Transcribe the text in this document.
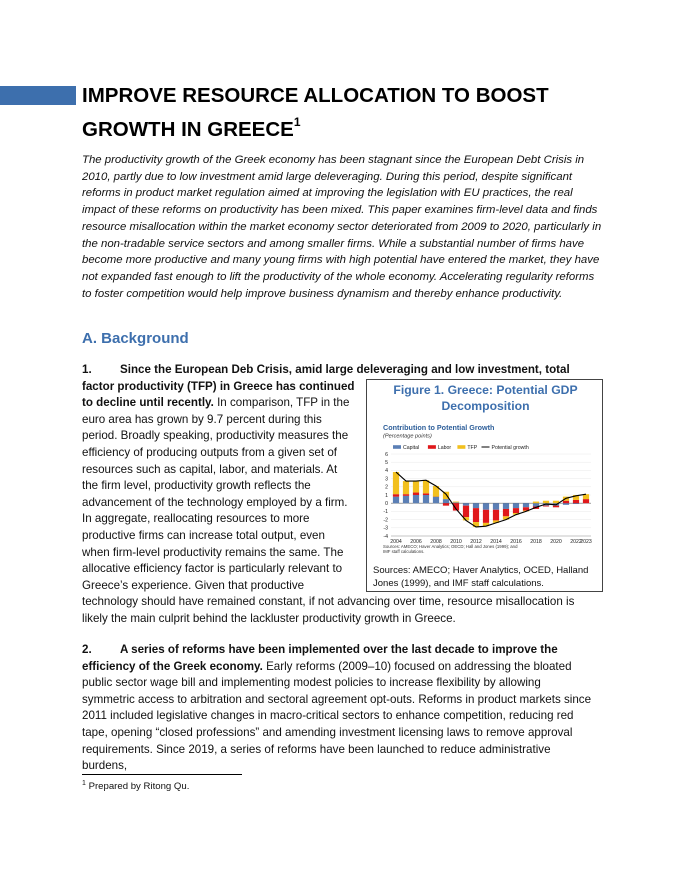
IMPROVE RESOURCE ALLOCATION TO BOOST GROWTH IN GREECE$^1$

The productivity growth of the Greek economy has been stagnant since the European Debt Crisis in 2010, partly due to low investment amid large deleveraging. During this period, despite significant reforms in product market regulation aimed at improving the legislation with EU practices, the real impact of these reforms on productivity has been mixed. This paper examines firm-level data and finds resource misallocation within the market economy sector deteriorated from 2009 to 2020, particularly in the non-tradable service sectors and among smaller firms. While a substantial number of firms have become more productive and many young firms with high potential have entered the market, they have not expanded fast enough to lift the productivity of the whole economy. Accelerating regularity reforms to foster competition would help improve business dynamism and thereby enhance productivity.

A. Background

1. Since the European Deb Crisis, amid large deleveraging and low investment, total
factor productivity (TFP) in Greece has continued
to decline until recently. In comparison, TFP in the
euro area has grown by 9.7 percent during this period. Broadly speaking, productivity measures the efficiency of producing outputs from a given set of resources such as capital, labor, and materials. At the firm level, productivity growth reflects the advancement of the technology employed by a firm. In aggregate, reallocating resources to more productive firms can increase total output, even when firm-level productivity remains the same. The allocative efficiency factor is particularly relevant to Greece’s experience. Given that productive
technology should have remained constant, if not advancing over time, resource misallocation is likely the main culprit behind the lackluster productivity growth in Greece.

2. A series of reforms have been implemented over the last decade to improve the efficiency of the Greek economy. Early reforms (2009–10) focused on addressing the bloated public sector wage bill and implementing modest policies to increase flexibility by allowing symmetric access to arbitration and sectoral agreement opt-outs. Reforms in product markets since 2011 included legislative changes in macro-critical sectors to enhance competition, reducing red tape, opening “closed professions” and amending investment licensing laws to remove approval requirements. Since 2019, a series of reforms have been launched to reduce administrative burdens,

Figure 1. Greece: Potential GDP Decomposition
Contribution to Potential Growth
(Percentage points)
Capital	Labor	TFP	Potential growth
-4
-3
-2
-1
0
1
2
3
4
5
6
2004 2006 2008 2010 2012 2014 2016 2018 2020 2022
2023
Sources: AMECO; Haver Analytics; OECD; Hall and Jones (1999); and IMF staff calculations.
Sources: AMECO; Haver Analytics, OCED, Halland Jones (1999), and IMF staff calculations.
$^1$ Prepared by Ritong Qu.
